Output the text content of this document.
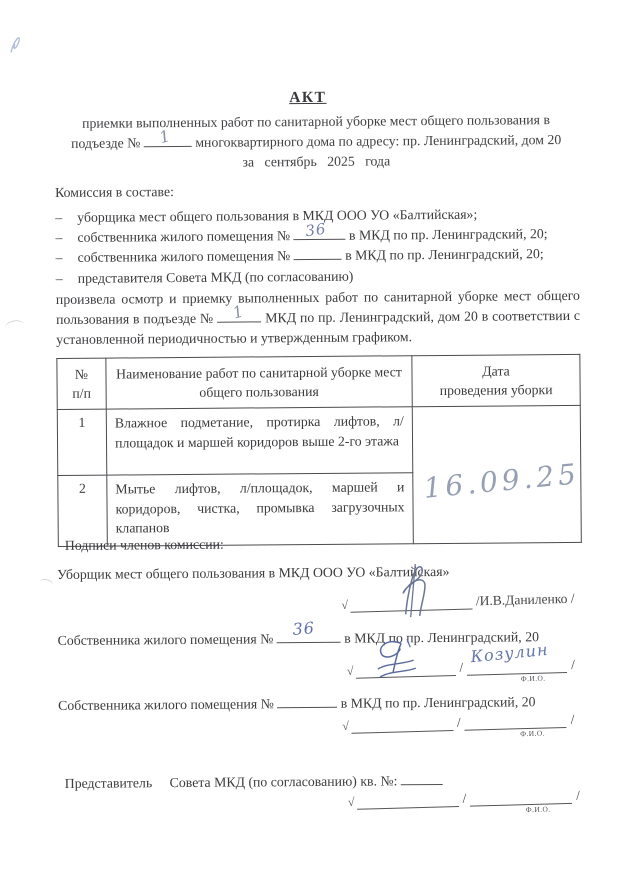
АКТ
приемки выполненных работ по санитарной уборке мест общего пользования в
подъезде № 1 многоквартирного дома по адресу: пр. Ленинградский, дом 20
за сентябрь 2025 года
Комиссия в составе:
–	уборщика мест общего пользования в МКД ООО УО «Балтийская»;
–	собственника жилого помещения № 36 в МКД по пр. Ленинградский, 20;
–	собственника жилого помещения №	в МКД по пр. Ленинградский, 20;
–	представителя Совета МКД (по согласованию)
произвела осмотр и приемку выполненных работ по санитарной уборке мест общего пользования в подъезде № 1 МКД по пр. Ленинградский, дом 20 в соответствии с установленной периодичностью и утвержденным графиком.
№
п/п	Наименование работ по санитарной уборке мест общего пользования	Дата
проведения уборки
1	Влажное подметание, протирка лифтов, л/площадок и маршей коридоров выше 2-го этажа	16.09.25

2	Мытье лифтов, л/площадок, маршей и коридоров, чистка, промывка загрузочных клапанов	
Подписи членов комиссии:
Уборщик мест общего пользования в МКД ООО УО «Балтийская»
√	/И.В.Даниленко /
Собственника жилого помещения №
36 в МКД по пр. Ленинградский, 20
√	/
Козулин
Ф.И.О.
/
Собственника жилого помещения №	в МКД по пр. Ленинградский, 20
√	/
Ф.И.О.
/
Представитель Совета МКД (по согласованию) кв. №:
√	/
Ф.И.О.
/
